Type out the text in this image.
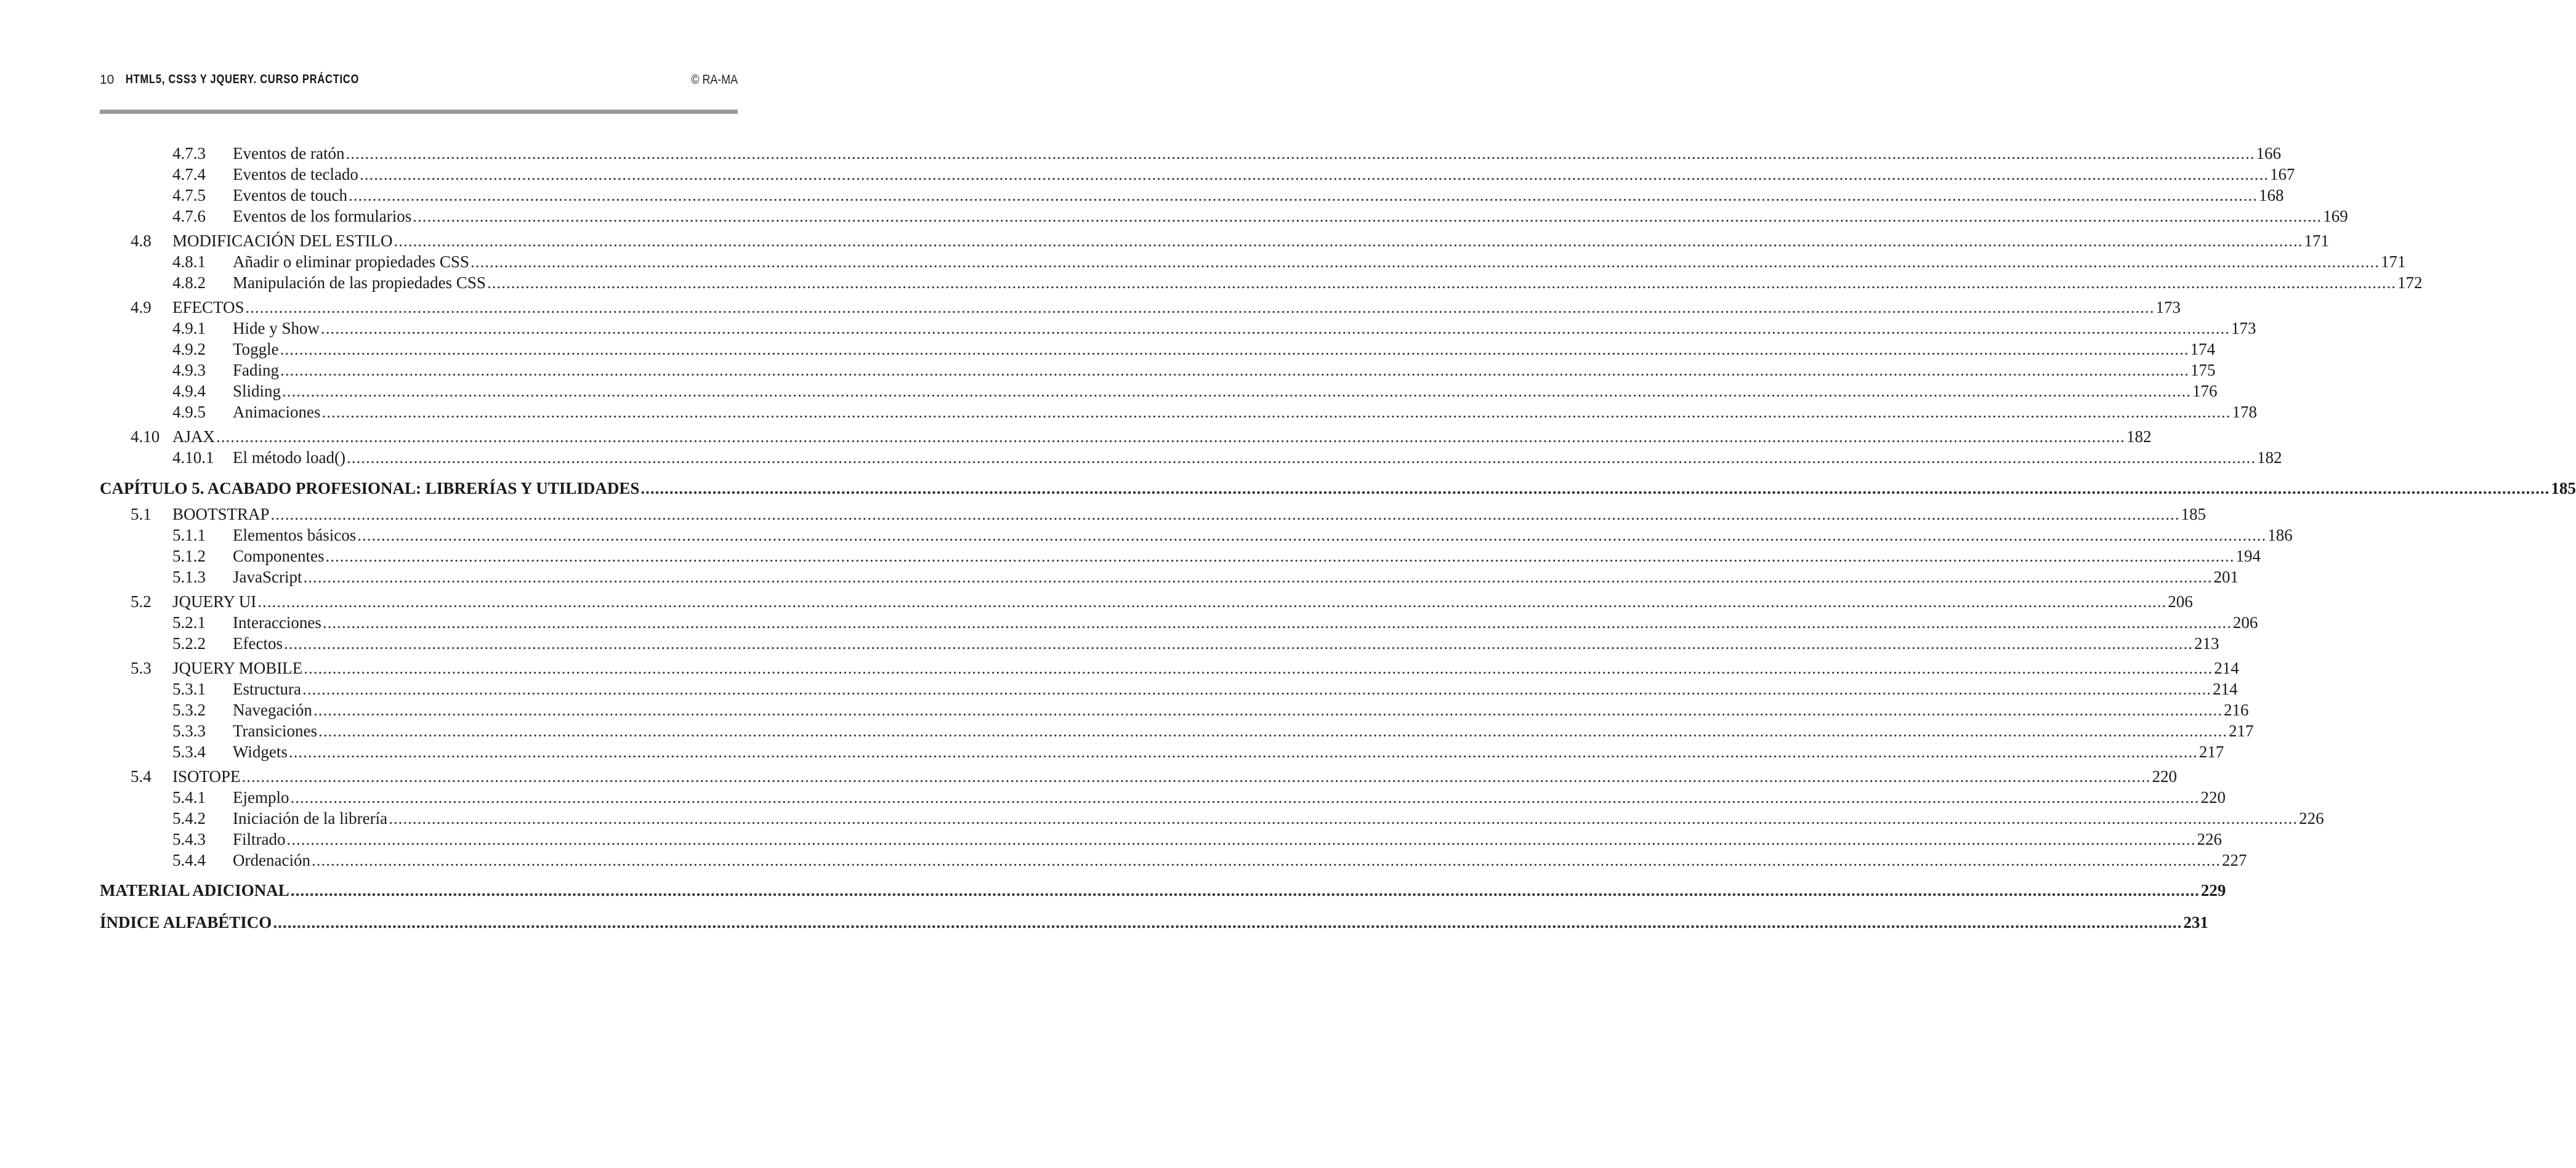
10 HTML5, CSS3 Y JQUERY. CURSO PRÁCTICO	© RA-MA
4.7.3 Eventos de ratón ................................................................................................................................................................................................................................................................................................................................................................................................................ 166
4.7.4 Eventos de teclado ................................................................................................................................................................................................................................................................................................................................................................................................................ 167
4.7.5 Eventos de touch ................................................................................................................................................................................................................................................................................................................................................................................................................ 168
4.7.6 Eventos de los formularios ................................................................................................................................................................................................................................................................................................................................................................................................................ 169
4.8 MODIFICACIÓN DEL ESTILO ................................................................................................................................................................................................................................................................................................................................................................................................................ 171
4.8.1 Añadir o eliminar propiedades CSS ................................................................................................................................................................................................................................................................................................................................................................................................................ 171
4.8.2 Manipulación de las propiedades CSS ................................................................................................................................................................................................................................................................................................................................................................................................................ 172
4.9 EFECTOS ................................................................................................................................................................................................................................................................................................................................................................................................................ 173
4.9.1 Hide y Show ................................................................................................................................................................................................................................................................................................................................................................................................................ 173
4.9.2 Toggle ................................................................................................................................................................................................................................................................................................................................................................................................................ 174
4.9.3 Fading ................................................................................................................................................................................................................................................................................................................................................................................................................ 175
4.9.4 Sliding ................................................................................................................................................................................................................................................................................................................................................................................................................ 176
4.9.5 Animaciones ................................................................................................................................................................................................................................................................................................................................................................................................................ 178
4.10 AJAX ................................................................................................................................................................................................................................................................................................................................................................................................................ 182
4.10.1 El método load() ................................................................................................................................................................................................................................................................................................................................................................................................................ 182
CAPÍTULO 5. ACABADO PROFESIONAL: LIBRERÍAS Y UTILIDADES ................................................................................................................................................................................................................................................................................................................................................................................................................ 185
5.1 BOOTSTRAP ................................................................................................................................................................................................................................................................................................................................................................................................................ 185
5.1.1 Elementos básicos ................................................................................................................................................................................................................................................................................................................................................................................................................ 186
5.1.2 Componentes ................................................................................................................................................................................................................................................................................................................................................................................................................ 194
5.1.3 JavaScript ................................................................................................................................................................................................................................................................................................................................................................................................................ 201
5.2 JQUERY UI ................................................................................................................................................................................................................................................................................................................................................................................................................ 206
5.2.1 Interacciones ................................................................................................................................................................................................................................................................................................................................................................................................................ 206
5.2.2 Efectos ................................................................................................................................................................................................................................................................................................................................................................................................................ 213
5.3 JQUERY MOBILE ................................................................................................................................................................................................................................................................................................................................................................................................................ 214
5.3.1 Estructura ................................................................................................................................................................................................................................................................................................................................................................................................................ 214
5.3.2 Navegación ................................................................................................................................................................................................................................................................................................................................................................................................................ 216
5.3.3 Transiciones ................................................................................................................................................................................................................................................................................................................................................................................................................ 217
5.3.4 Widgets ................................................................................................................................................................................................................................................................................................................................................................................................................ 217
5.4 ISOTOPE ................................................................................................................................................................................................................................................................................................................................................................................................................ 220
5.4.1 Ejemplo ................................................................................................................................................................................................................................................................................................................................................................................................................ 220
5.4.2 Iniciación de la librería ................................................................................................................................................................................................................................................................................................................................................................................................................ 226
5.4.3 Filtrado ................................................................................................................................................................................................................................................................................................................................................................................................................ 226
5.4.4 Ordenación ................................................................................................................................................................................................................................................................................................................................................................................................................ 227
MATERIAL ADICIONAL ................................................................................................................................................................................................................................................................................................................................................................................................................ 229
ÍNDICE ALFABÉTICO ................................................................................................................................................................................................................................................................................................................................................................................................................ 231
